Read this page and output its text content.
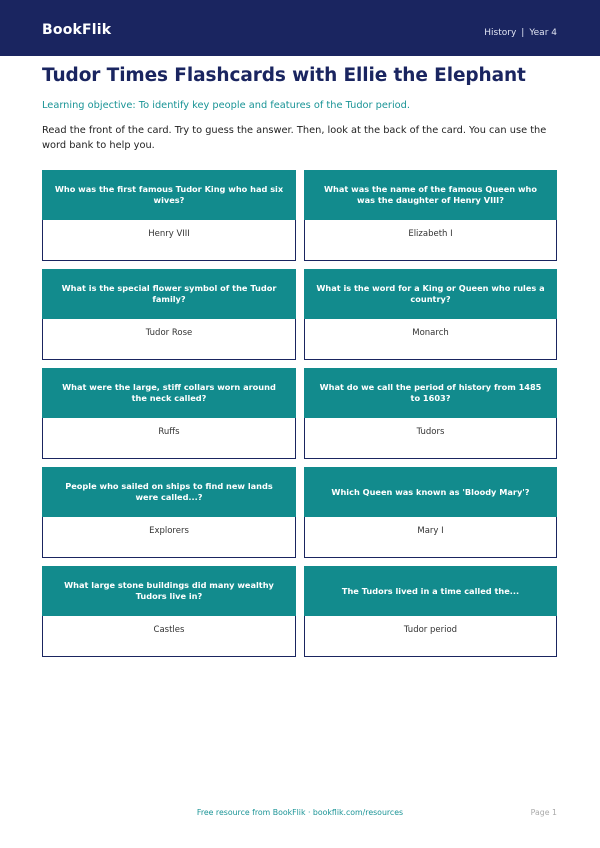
BookFlik	History | Year 4
Tudor Times Flashcards with Ellie the Elephant
Learning objective: To identify key people and features of the Tudor period.
Read the front of the card. Try to guess the answer. Then, look at the back of the card. You can use the word bank to help you.
Who was the first famous Tudor King who had six wives?
Henry VIII
What was the name of the famous Queen who was the daughter of Henry VIII?
Elizabeth I
What is the special flower symbol of the Tudor family?
Tudor Rose
What is the word for a King or Queen who rules a country?
Monarch
What were the large, stiff collars worn around the neck called?
Ruffs
What do we call the period of history from 1485 to 1603?
Tudors
People who sailed on ships to find new lands were called...?
Explorers
Which Queen was known as 'Bloody Mary'?
Mary I
What large stone buildings did many wealthy Tudors live in?
Castles
The Tudors lived in a time called the...
Tudor period
Free resource from BookFlik · bookflik.com/resources	Page 1
